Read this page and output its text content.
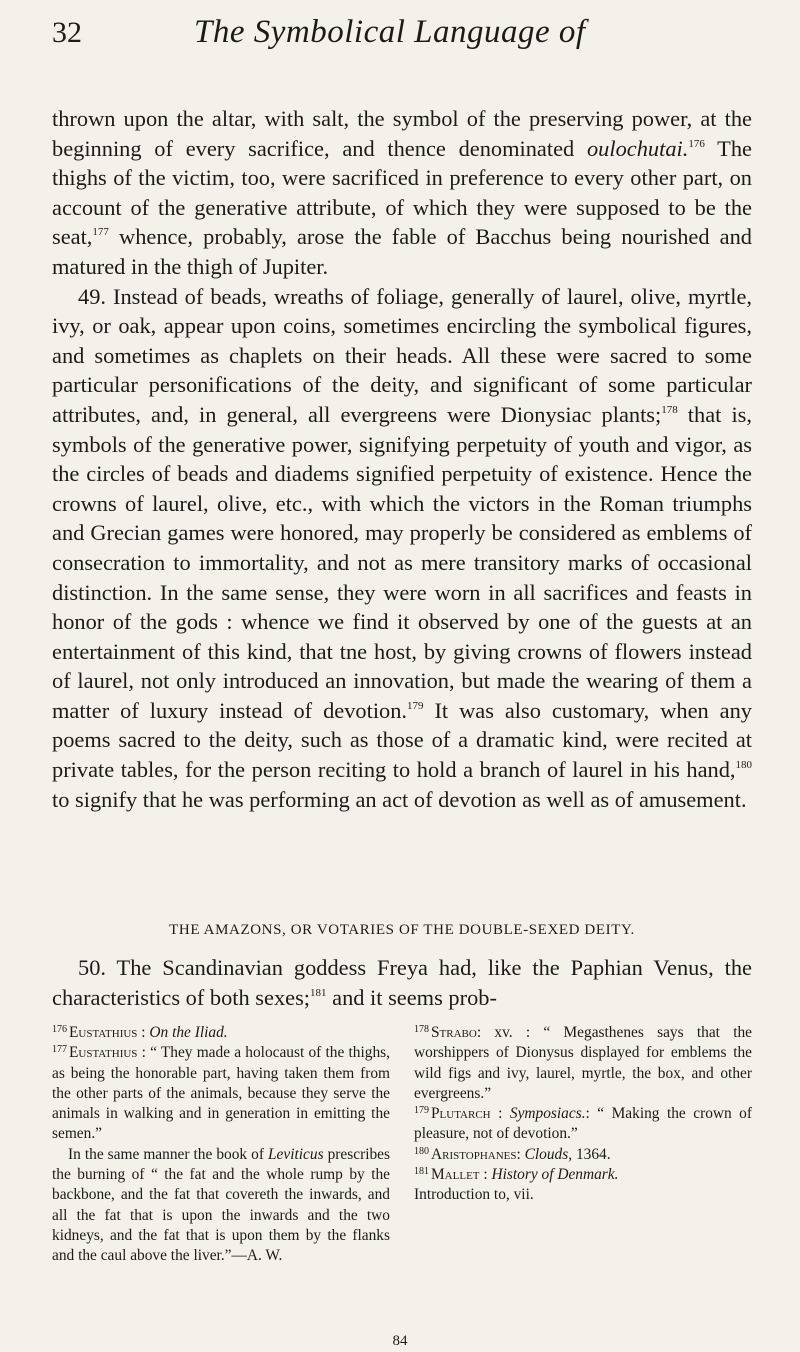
32	The Symbolical Language of

thrown upon the altar, with salt, the symbol of the preserving power, at the beginning of every sacrifice, and thence denominated oulochutai.$^{176}$ The thighs of the victim, too, were sacrificed in preference to every other part, on account of the generative attribute, of which they were supposed to be the seat,$^{177}$ whence, probably, arose the fable of Bacchus being nourished and matured in the thigh of Jupiter.

49. Instead of beads, wreaths of foliage, generally of laurel, olive, myrtle, ivy, or oak, appear upon coins, sometimes encircling the symbolical figures, and sometimes as chaplets on their heads. All these were sacred to some particular personifications of the deity, and significant of some particular attributes, and, in general, all evergreens were Dionysiac plants;$^{178}$ that is, symbols of the generative power, signifying perpetuity of youth and vigor, as the circles of beads and diadems signified perpetuity of existence. Hence the crowns of laurel, olive, etc., with which the victors in the Roman triumphs and Grecian games were honored, may properly be considered as emblems of consecration to immortality, and not as mere transitory marks of occasional distinction. In the same sense, they were worn in all sacrifices and feasts in honor of the gods : whence we find it observed by one of the guests at an entertainment of this kind, that tne host, by giving crowns of flowers instead of laurel, not only introduced an innovation, but made the wearing of them a matter of luxury instead of devotion.$^{179}$ It was also customary, when any poems sacred to the deity, such as those of a dramatic kind, were recited at private tables, for the person reciting to hold a branch of laurel in his hand,$^{180}$ to signify that he was performing an act of devotion as well as of amusement.

THE AMAZONS, OR VOTARIES OF THE DOUBLE-SEXED DEITY.
50. The Scandinavian goddess Freya had, like the Paphian Venus, the characteristics of both sexes;$^{181}$ and it seems prob-

$^{176}$ Eustathius : On the Iliad.

$^{177}$ Eustathius : “ They made a holocaust of the thighs, as being the honorable part, having taken them from the other parts of the animals, because they serve the animals in walking and in generation in emitting the semen.”

In the same manner the book of Leviticus prescribes the burning of “ the fat and the whole rump by the backbone, and the fat that covereth the inwards, and all the fat that is upon the inwards and the two kidneys, and the fat that is upon them by the flanks and the caul above the liver.”—A. W.

$^{178}$ Strabo: xv. : “ Megasthenes says that the worshippers of Dionysus displayed for emblems the wild figs and ivy, laurel, myrtle, the box, and other evergreens.”

$^{179}$ Plutarch : Symposiacs.: “ Making the crown of pleasure, not of devotion.”

$^{180}$ Aristophanes: Clouds, 1364.

$^{181}$ Mallet : History of Denmark.
Introduction to, vii.

84
